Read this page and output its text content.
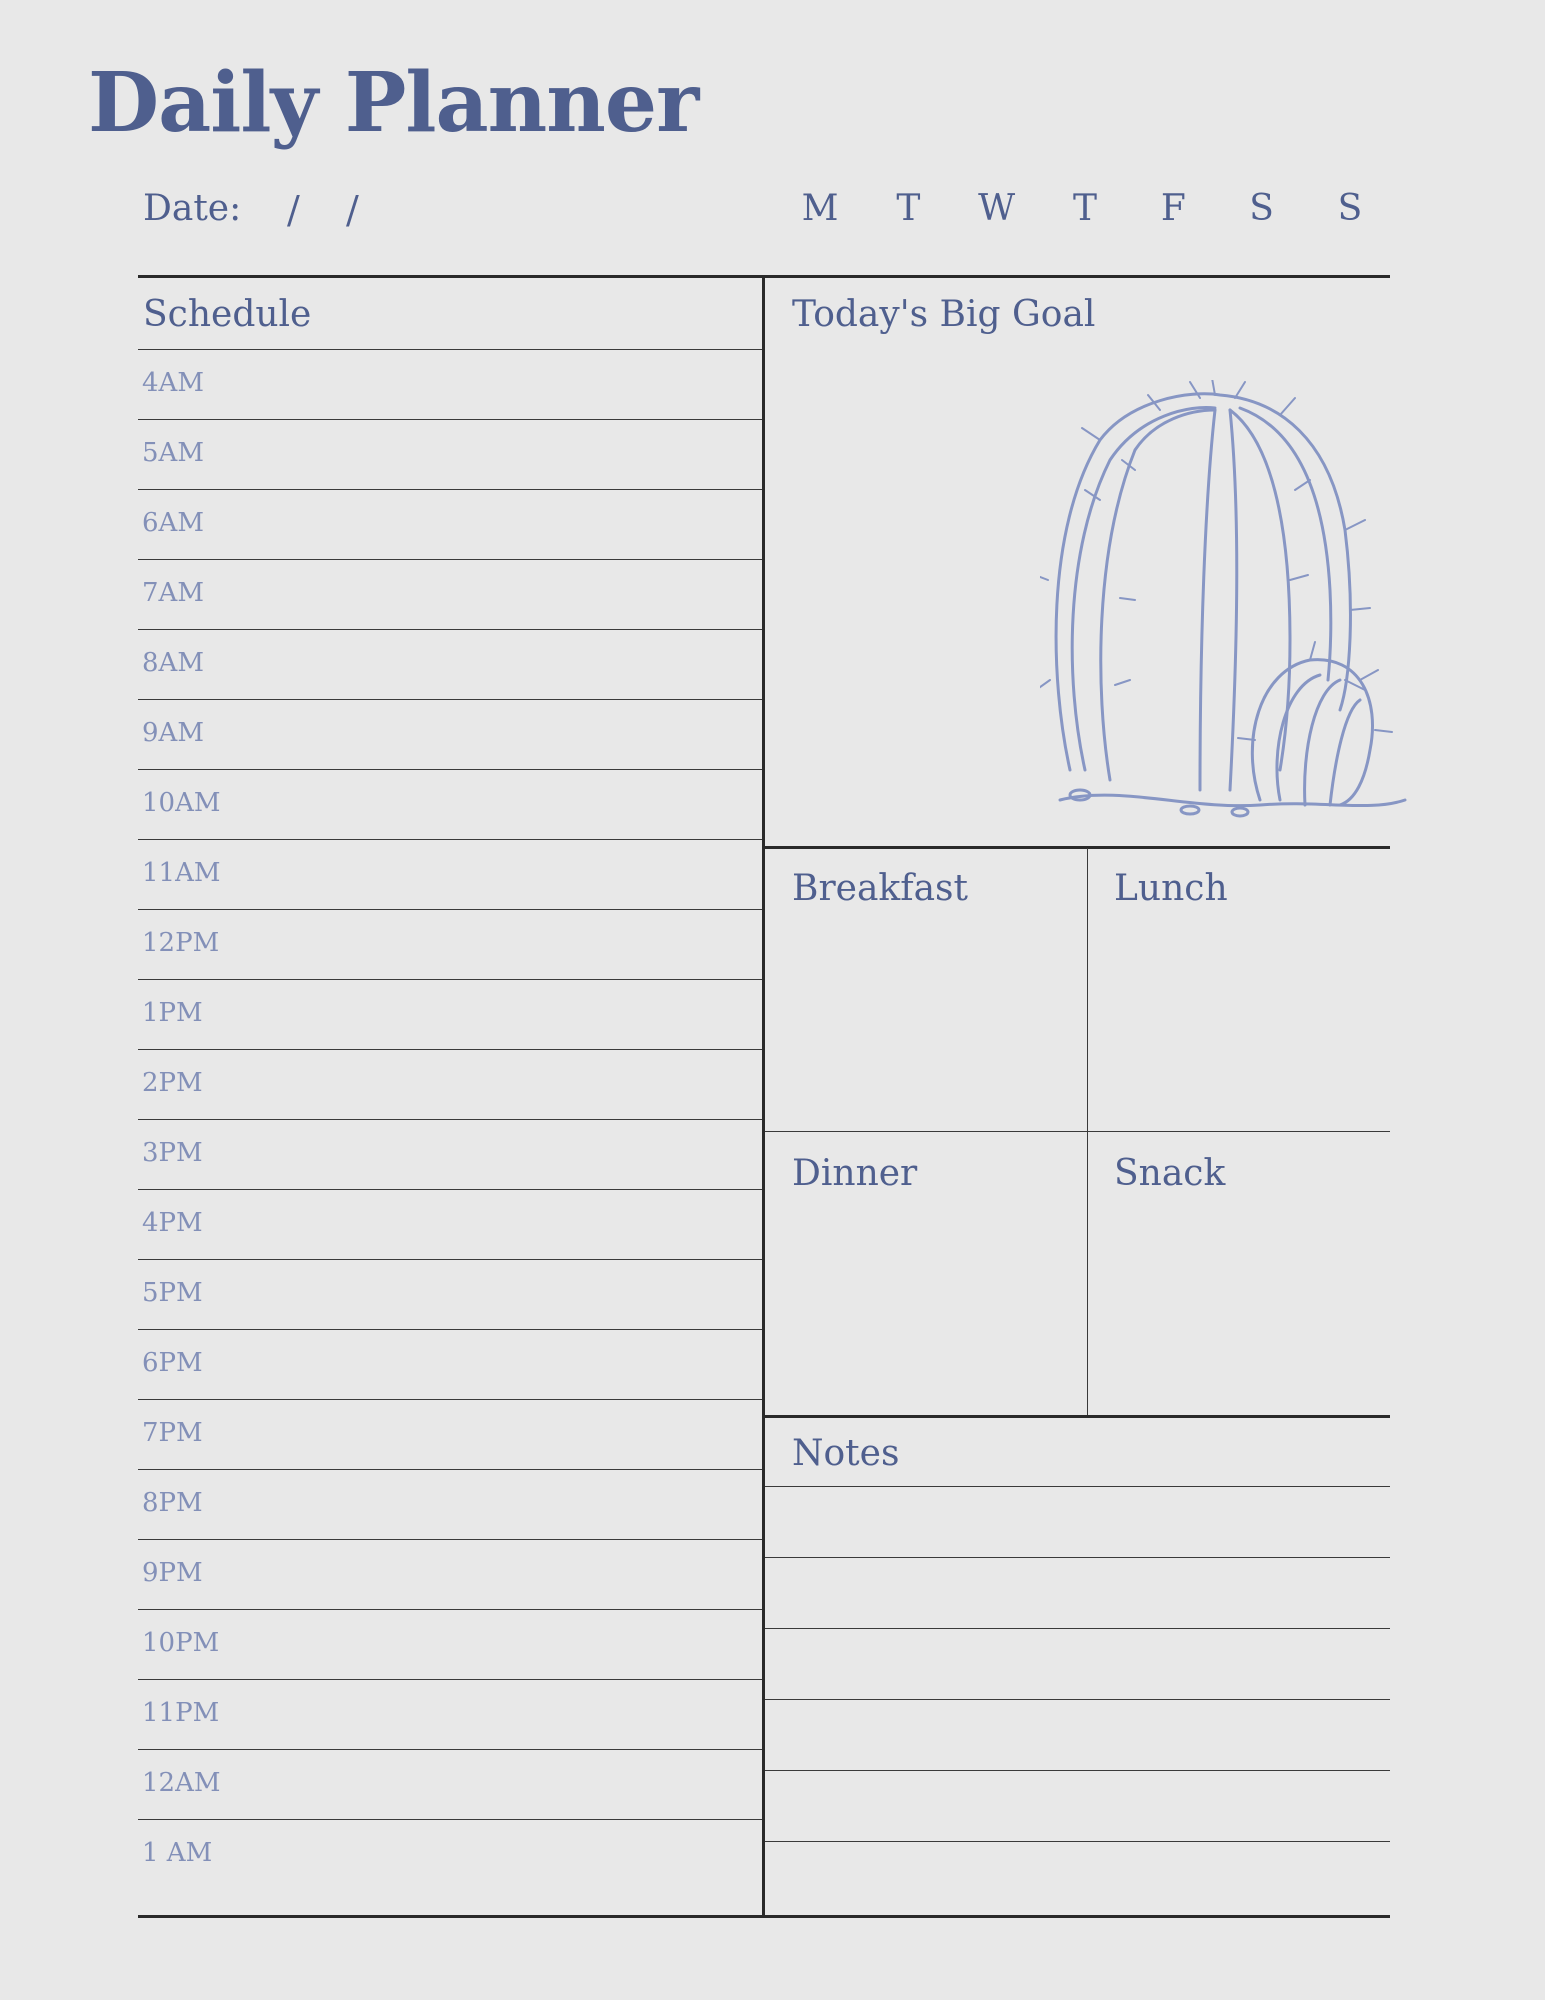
Daily Planner
Date: / /	M T W T F S S
Schedule
4AM
5AM
6AM
7AM
8AM
9AM
10AM
11AM
12PM
1PM
2PM
3PM
4PM
5PM
6PM
7PM
8PM
9PM
10PM
11PM
12AM
1 AM
Today's Big Goal
Breakfast	Lunch
Dinner	Snack
Notes
